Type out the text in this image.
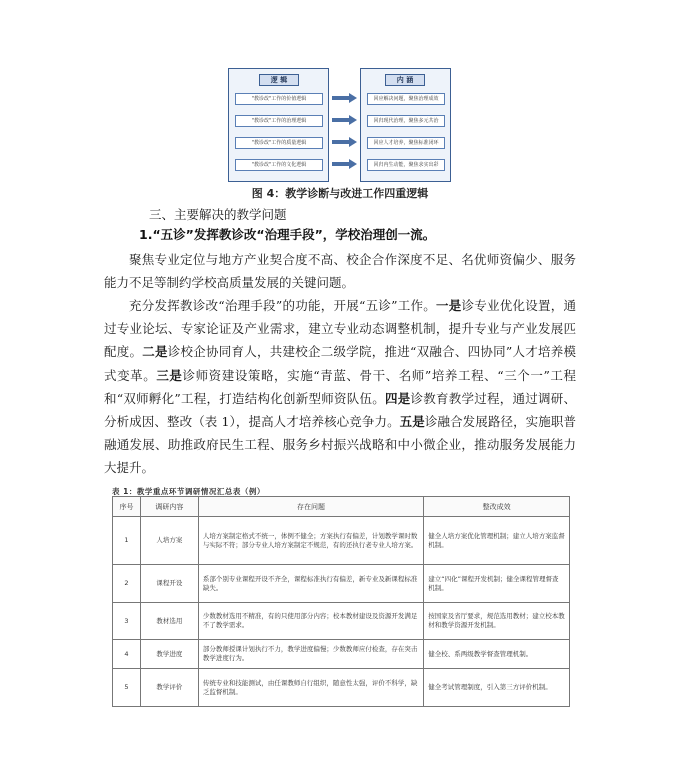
逻 辑
"教诊改"工作的价值逻辑
"教诊改"工作的治理逻辑
"教诊改"工作的质量逻辑
"教诊改"工作的文化逻辑
内 涵
回应解决问题，聚焦治理成效
回归现代治理，聚焦多元共治
回应人才培养，聚焦标准闭环
回归内生动能，聚焦求实出彩
图 4：教学诊断与改进工作四重逻辑
三、主要解决的教学问题
1.“五诊”发挥教诊改“治理手段”，学校治理创一流。

聚焦专业定位与地方产业契合度不高、校企合作深度不足、名优师资偏少、服务能力不足等制约学校高质量发展的关键问题。

充分发挥教诊改“治理手段”的功能，开展“五诊”工作。一是诊专业优化设置，通过专业论坛、专家论证及产业需求，建立专业动态调整机制，提升专业与产业发展匹配度。二是诊校企协同育人，共建校企二级学院，推进“双融合、四协同”人才培养模式变革。三是诊师资建设策略，实施“青蓝、骨干、名师”培养工程、“三个一”工程和“双师孵化”工程，打造结构化创新型师资队伍。四是诊教育教学过程，通过调研、分析成因、整改（表 1），提高人才培养核心竞争力。五是诊融合发展路径，实施职普融通发展、助推政府民生工程、服务乡村振兴战略和中小微企业，推动服务发展能力大提升。

表 1：教学重点环节调研情况汇总表（例）
序号	调研内容	存在问题	整改成效
1	人培方案	人培方案制定格式不统一，体例不健全；方案执行有偏差，计划教学课时数与实际不符；部分专业人培方案制定不规范，有的还执行老专业人培方案。	健全人培方案优化管理机制；建立人培方案监督机制。
2	课程开设	系部个别专业课程开设不齐全，课程标准执行有偏差，新专业及新课程标准缺失。	建立“四化”课程开发机制；健全课程管理督查机制。
3	教材选用	少数教材选用不精准，有的只使用部分内容；校本教材建设及资源开发满足不了教学需求。	按国家及省厅要求，规范选用教材；建立校本教材和教学资源开发机制。
4	教学进度	部分教师授课计划执行不力，教学进度偏慢；少数教师应付检查，存在突击教学进度行为。	健全校、系两级教学督查管理机制。
5	教学评价	传统专业和技能测试，由任课教师自行组织，随意性太强，评价不科学，缺乏监督机制。	健全考试管理制度，引入第三方评价机制。
